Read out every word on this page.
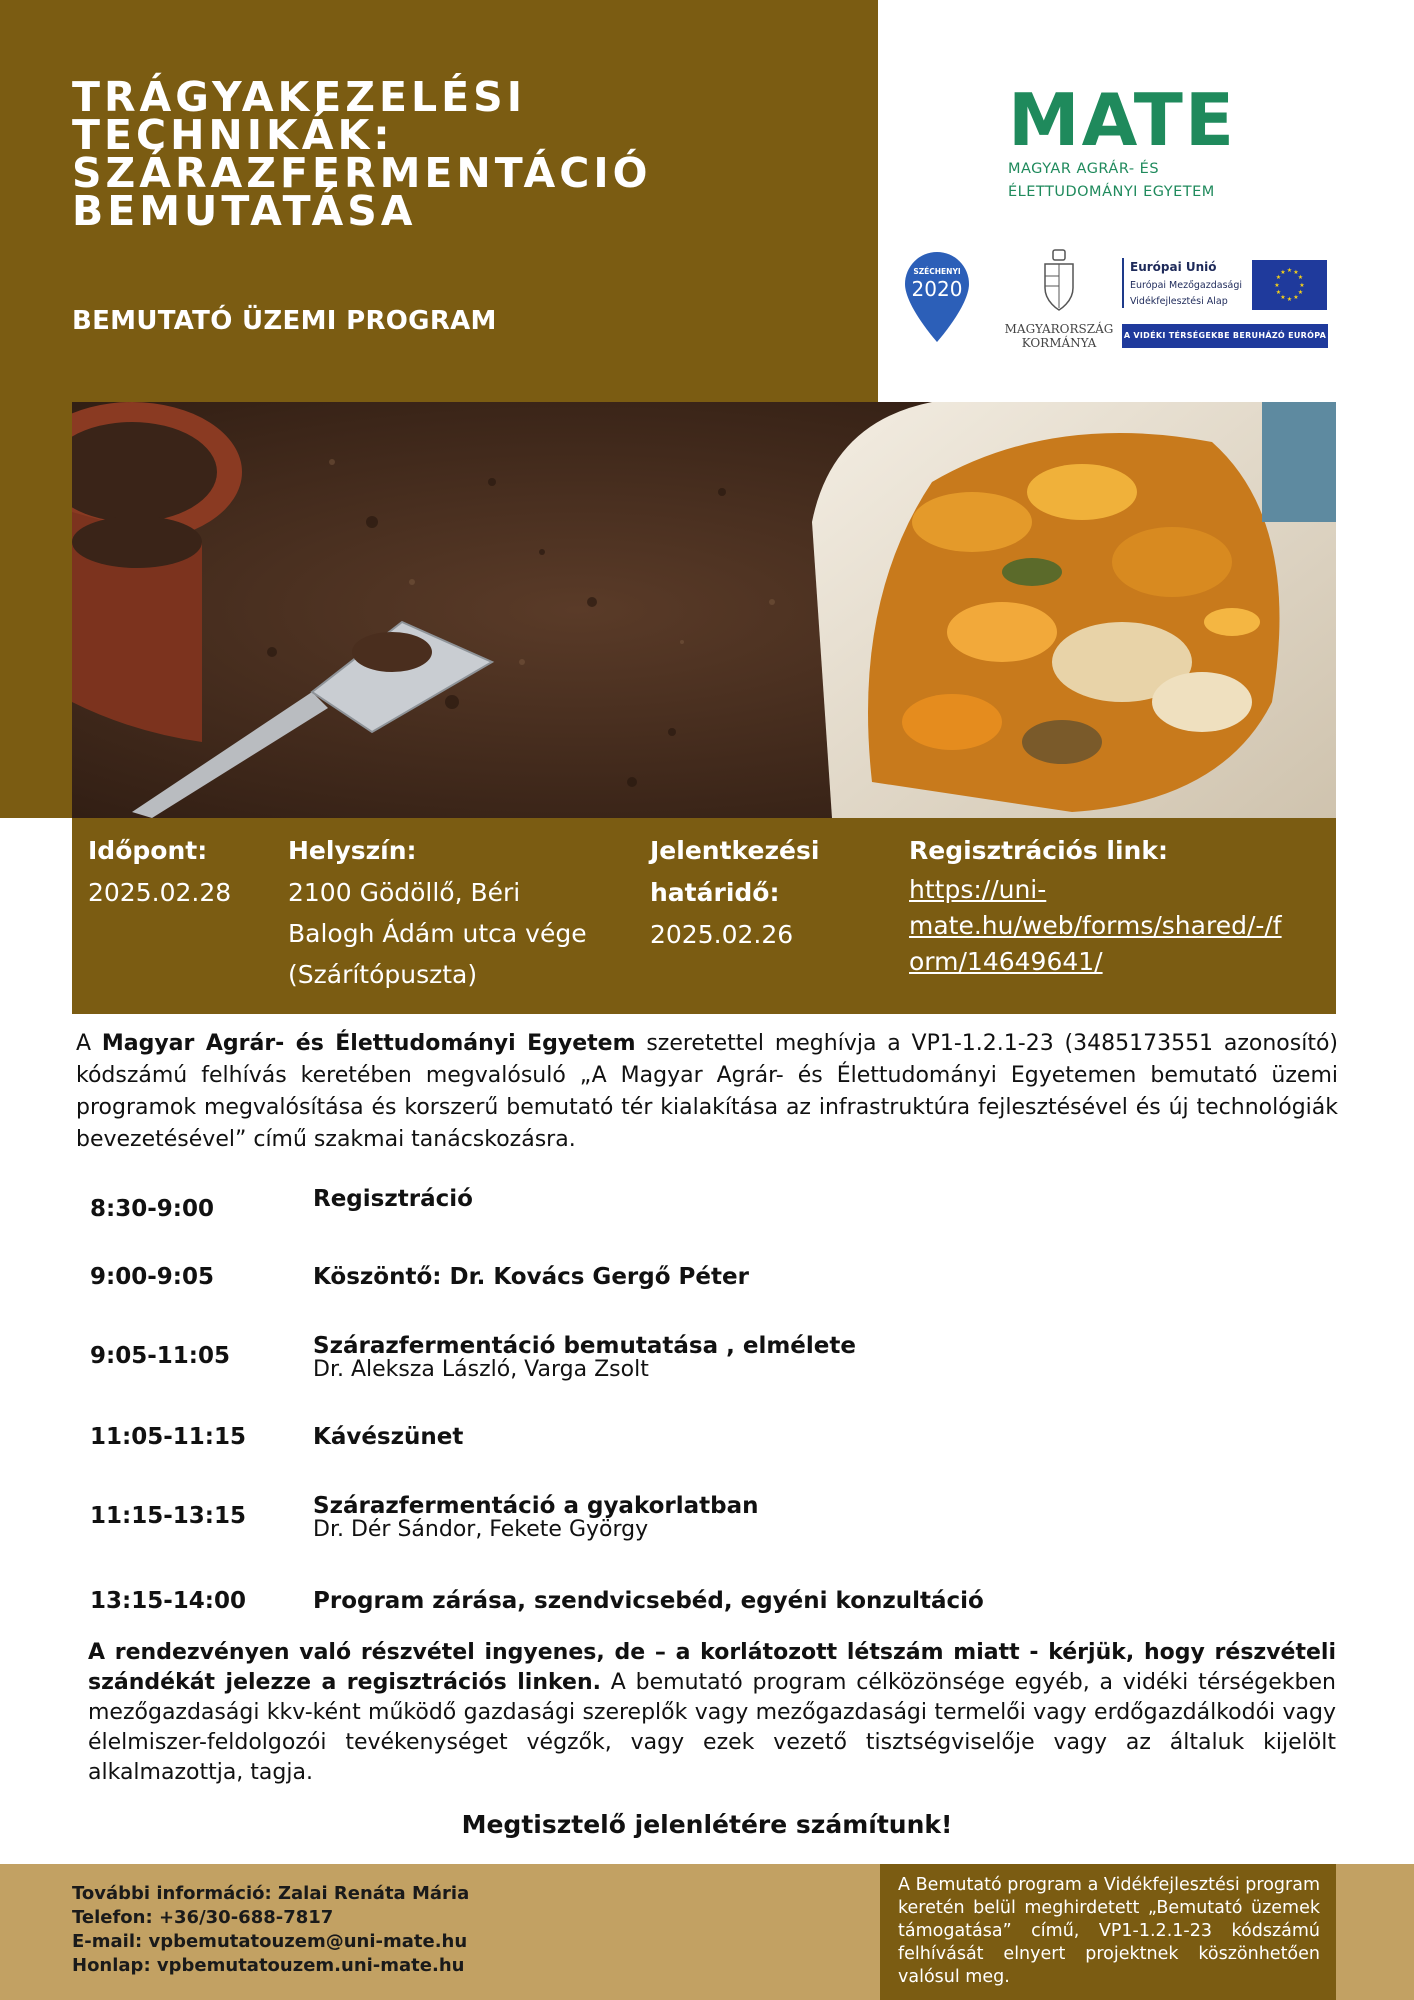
TRÁGYAKEZELÉSI
TECHNIKÁK:
SZÁRAZFERMENTÁCIÓ
BEMUTATÁSA
BEMUTATÓ ÜZEMI PROGRAM
MATE
MAGYAR AGRÁR- ÉS
ÉLETTUDOMÁNYI EGYETEM
SZÉCHENYI
2020
MAGYARORSZÁG
KORMÁNYA
Európai Unió
Európai Mezőgazdasági
Vidékfejlesztési Alap
★ ★
★
★
★
★
★
★
★
★
★
★
A VIDÉKI TÉRSÉGEKBE BERUHÁZÓ EURÓPA
Időpont:
2025.02.28
Helyszín:
2100 Gödöllő, Béri
Balogh Ádám utca vége
(Szárítópuszta)
Jelentkezési
határidő:
2025.02.26
Regisztrációs link:
https://uni-
mate.hu/web/forms/shared/-/f
orm/14649641/

A Magyar Agrár- és Élettudományi Egyetem szeretettel meghívja a VP1-1.2.1-23 (3485173551 azonosító) kódszámú felhívás keretében megvalósuló „A Magyar Agrár- és Élettudományi Egyetemen bemutató üzemi programok megvalósítása és korszerű bemutató tér kialakítása az infrastruktúra fejlesztésével és új technológiák bevezetésével” című szakmai tanácskozásra.

8:30-9:00	Regisztráció
9:00-9:05	Köszöntő: Dr. Kovács Gergő Péter
9:05-11:05	Szárazfermentáció bemutatása , elmélete
Dr. Aleksza László, Varga Zsolt
11:05-11:15	Kávészünet
11:15-13:15	Szárazfermentáció a gyakorlatban
Dr. Dér Sándor, Fekete György
13:15-14:00	Program zárása, szendvicsebéd, egyéni konzultáció

A rendezvényen való részvétel ingyenes, de – a korlátozott létszám miatt - kérjük, hogy részvételi szándékát jelezze a regisztrációs linken. A bemutató program célközönsége egyéb, a vidéki térségekben mezőgazdasági kkv-ként működő gazdasági szereplők vagy mezőgazdasági termelői vagy erdőgazdálkodói vagy élelmiszer-feldolgozói tevékenységet végzők, vagy ezek vezető tisztségviselője vagy az általuk kijelölt alkalmazottja, tagja.

Megtisztelő jelenlétére számítunk!
További információ: Zalai Renáta Mária
Telefon: +36/30-688-7817
E-mail: vpbemutatouzem@uni-mate.hu
Honlap: vpbemutatouzem.uni-mate.hu

A Bemutató program a Vidékfejlesztési program keretén belül meghirdetett „Bemutató üzemek támogatása” című, VP1-1.2.1-23 kódszámú felhívását elnyert projektnek köszönhetően valósul meg.
